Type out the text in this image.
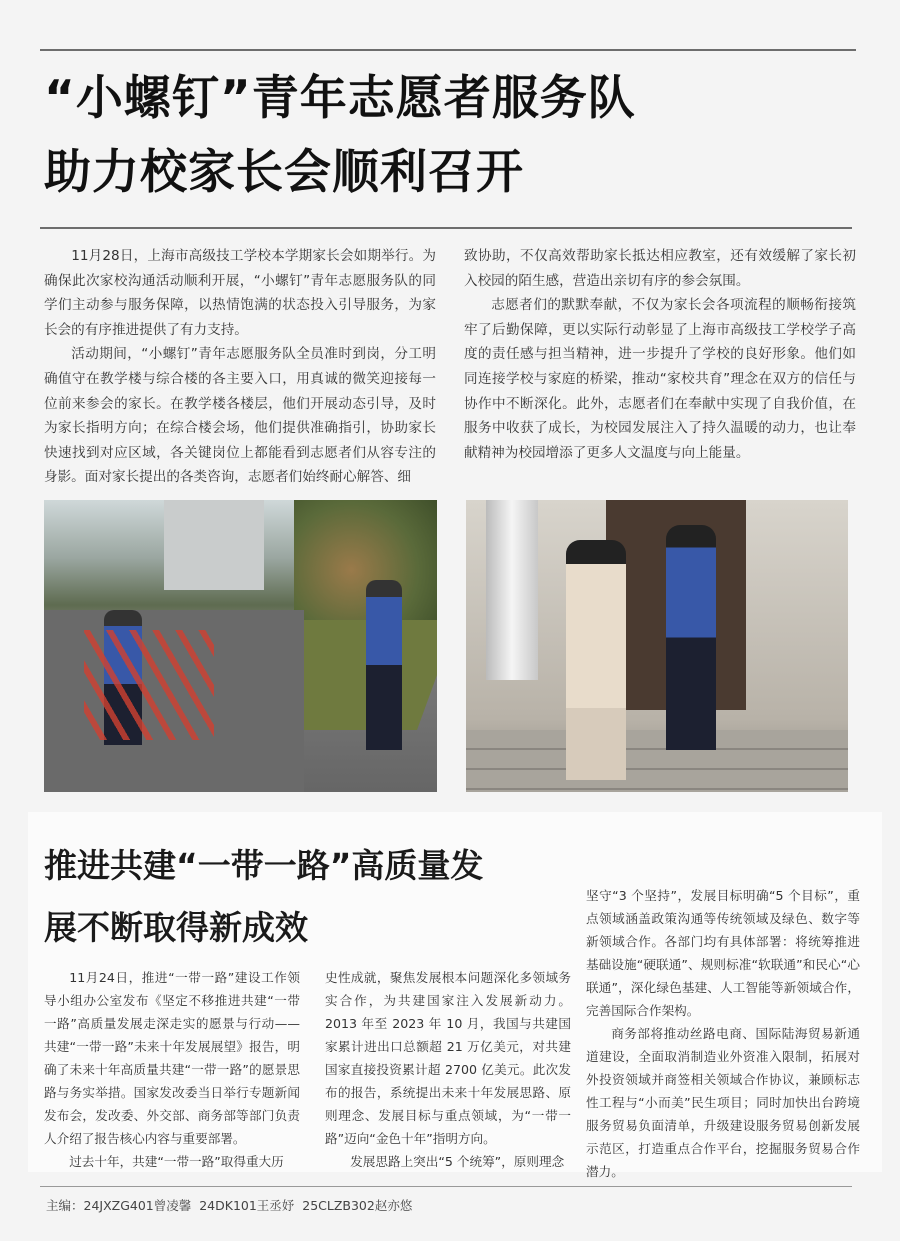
“小螺钉”青年志愿者服务队
助力校家长会顺利召开

11月28日，上海市高级技工学校本学期家长会如期举行。为确保此次家校沟通活动顺利开展，“小螺钉”青年志愿服务队的同学们主动参与服务保障，以热情饱满的状态投入引导服务，为家长会的有序推进提供了有力支持。

活动期间，“小螺钉”青年志愿服务队全员准时到岗，分工明确值守在教学楼与综合楼的各主要入口，用真诚的微笑迎接每一位前来参会的家长。在教学楼各楼层，他们开展动态引导，及时为家长指明方向；在综合楼会场，他们提供准确指引，协助家长快速找到对应区域，各关键岗位上都能看到志愿者们从容专注的身影。面对家长提出的各类咨询，志愿者们始终耐心解答、细

致协助，不仅高效帮助家长抵达相应教室，还有效缓解了家长初入校园的陌生感，营造出亲切有序的参会氛围。

志愿者们的默默奉献，不仅为家长会各项流程的顺畅衔接筑牢了后勤保障，更以实际行动彰显了上海市高级技工学校学子高度的责任感与担当精神，进一步提升了学校的良好形象。他们如同连接学校与家庭的桥梁，推动“家校共育”理念在双方的信任与协作中不断深化。此外，志愿者们在奉献中实现了自我价值，在服务中收获了成长，为校园发展注入了持久温暖的动力，也让奉献精神为校园增添了更多人文温度与向上能量。

推进共建“一带一路”高质量发
展不断取得新成效

11月24日，推进“一带一路”建设工作领导小组办公室发布《坚定不移推进共建“一带一路”高质量发展走深走实的愿景与行动——共建“一带一路”未来十年发展展望》报告，明确了未来十年高质量共建“一带一路”的愿景思路与务实举措。国家发改委当日举行专题新闻发布会，发改委、外交部、商务部等部门负责人介绍了报告核心内容与重要部署。

过去十年，共建“一带一路”取得重大历

史性成就，聚焦发展根本问题深化多领域务实合作，为共建国家注入发展新动力。2013 年至 2023 年 10 月，我国与共建国家累计进出口总额超 21 万亿美元，对共建国家直接投资累计超 2700 亿美元。此次发布的报告，系统提出未来十年发展思路、原则理念、发展目标与重点领域，为“一带一路”迈向“金色十年”指明方向。

发展思路上突出“5 个统筹”，原则理念

坚守“3 个坚持”，发展目标明确“5 个目标”，重点领域涵盖政策沟通等传统领域及绿色、数字等新领域合作。各部门均有具体部署：将统筹推进基础设施“硬联通”、规则标准“软联通”和民心“心联通”，深化绿色基建、人工智能等新领域合作，完善国际合作架构。

商务部将推动丝路电商、国际陆海贸易新通道建设，全面取消制造业外资准入限制，拓展对外投资领域并商签相关领域合作协议，兼顾标志性工程与“小而美”民生项目；同时加快出台跨境服务贸易负面清单，升级建设服务贸易创新发展示范区，打造重点合作平台，挖掘服务贸易合作潜力。

主编：24JXZG401曾凌馨  24DK101王丞妤  25CLZB302赵亦悠
